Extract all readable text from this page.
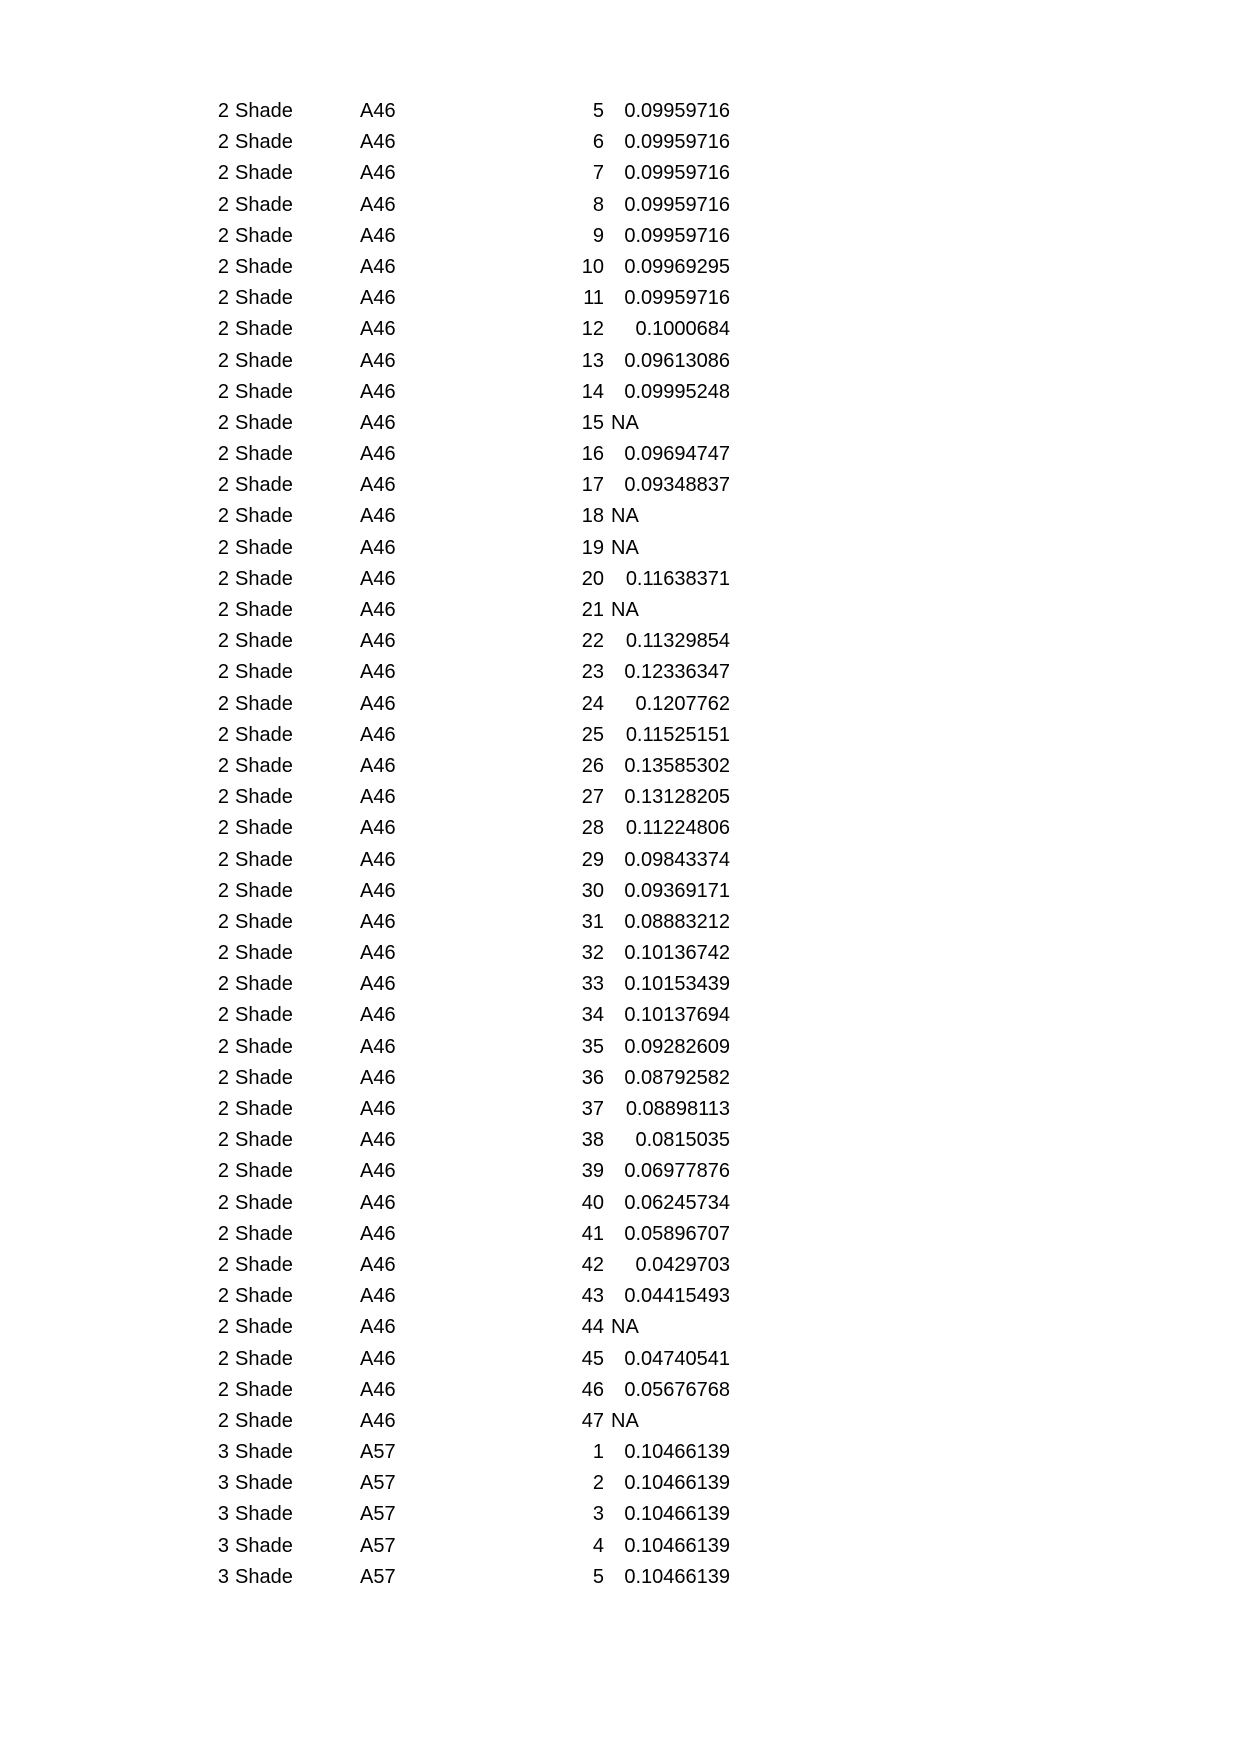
2 Shade	A46	5 0.09959716
2 Shade	A46	6 0.09959716
2 Shade	A46	7 0.09959716
2 Shade	A46	8 0.09959716
2 Shade	A46	9 0.09959716
2 Shade	A46	10 0.09969295
2 Shade	A46	11 0.09959716
2 Shade	A46	12 0.1000684
2 Shade	A46	13 0.09613086
2 Shade	A46	14 0.09995248
2 Shade	A46	15 NA
2 Shade	A46	16 0.09694747
2 Shade	A46	17 0.09348837
2 Shade	A46	18 NA
2 Shade	A46	19 NA
2 Shade	A46	20 0.11638371
2 Shade	A46	21 NA
2 Shade	A46	22 0.11329854
2 Shade	A46	23 0.12336347
2 Shade	A46	24 0.1207762
2 Shade	A46	25 0.11525151
2 Shade	A46	26 0.13585302
2 Shade	A46	27 0.13128205
2 Shade	A46	28 0.11224806
2 Shade	A46	29 0.09843374
2 Shade	A46	30 0.09369171
2 Shade	A46	31 0.08883212
2 Shade	A46	32 0.10136742
2 Shade	A46	33 0.10153439
2 Shade	A46	34 0.10137694
2 Shade	A46	35 0.09282609
2 Shade	A46	36 0.08792582
2 Shade	A46	37 0.08898113
2 Shade	A46	38 0.0815035
2 Shade	A46	39 0.06977876
2 Shade	A46	40 0.06245734
2 Shade	A46	41 0.05896707
2 Shade	A46	42 0.0429703
2 Shade	A46	43 0.04415493
2 Shade	A46	44 NA
2 Shade	A46	45 0.04740541
2 Shade	A46	46 0.05676768
2 Shade	A46	47 NA
3 Shade	A57	1 0.10466139
3 Shade	A57	2 0.10466139
3 Shade	A57	3 0.10466139
3 Shade	A57	4 0.10466139
3 Shade	A57	5 0.10466139
